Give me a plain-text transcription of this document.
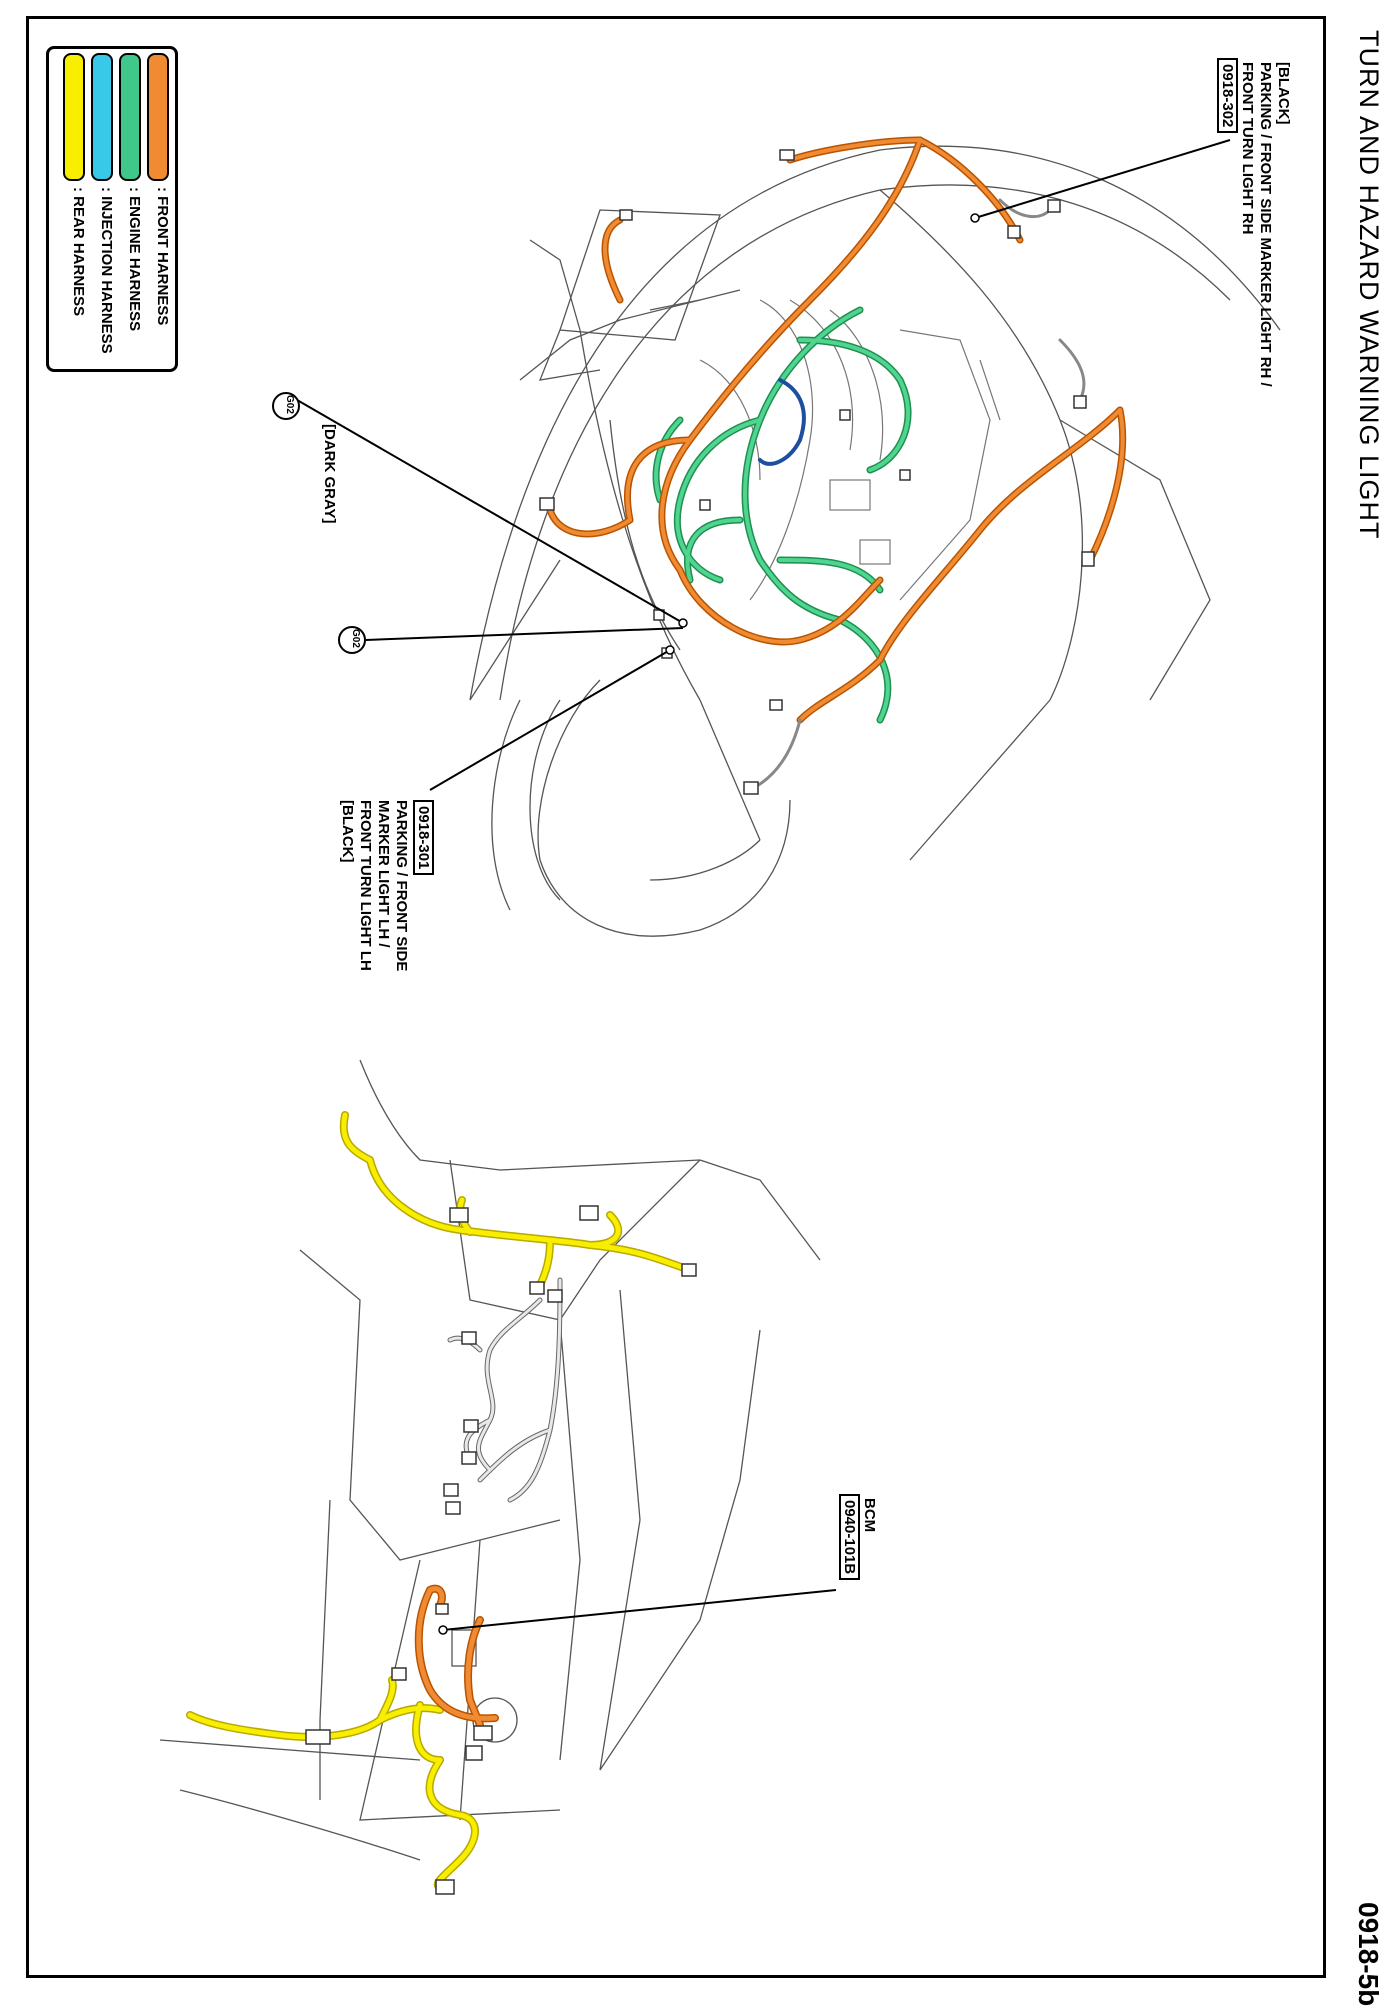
TURN AND HAZARD WARNING LIGHT
0918-5b
: FRONT HARNESS
: ENGINE HARNESS
: INJECTION HARNESS
: REAR HARNESS
G02
G02
[DARK GRAY]
[BLACK]
PARKING / FRONT SIDE MARKER LIGHT RH /
FRONT TURN LIGHT RH
0918-302
0918-301
PARKING / FRONT SIDE
MARKER LIGHT LH /
FRONT TURN LIGHT LH
[BLACK]
BCM
0940-101B
